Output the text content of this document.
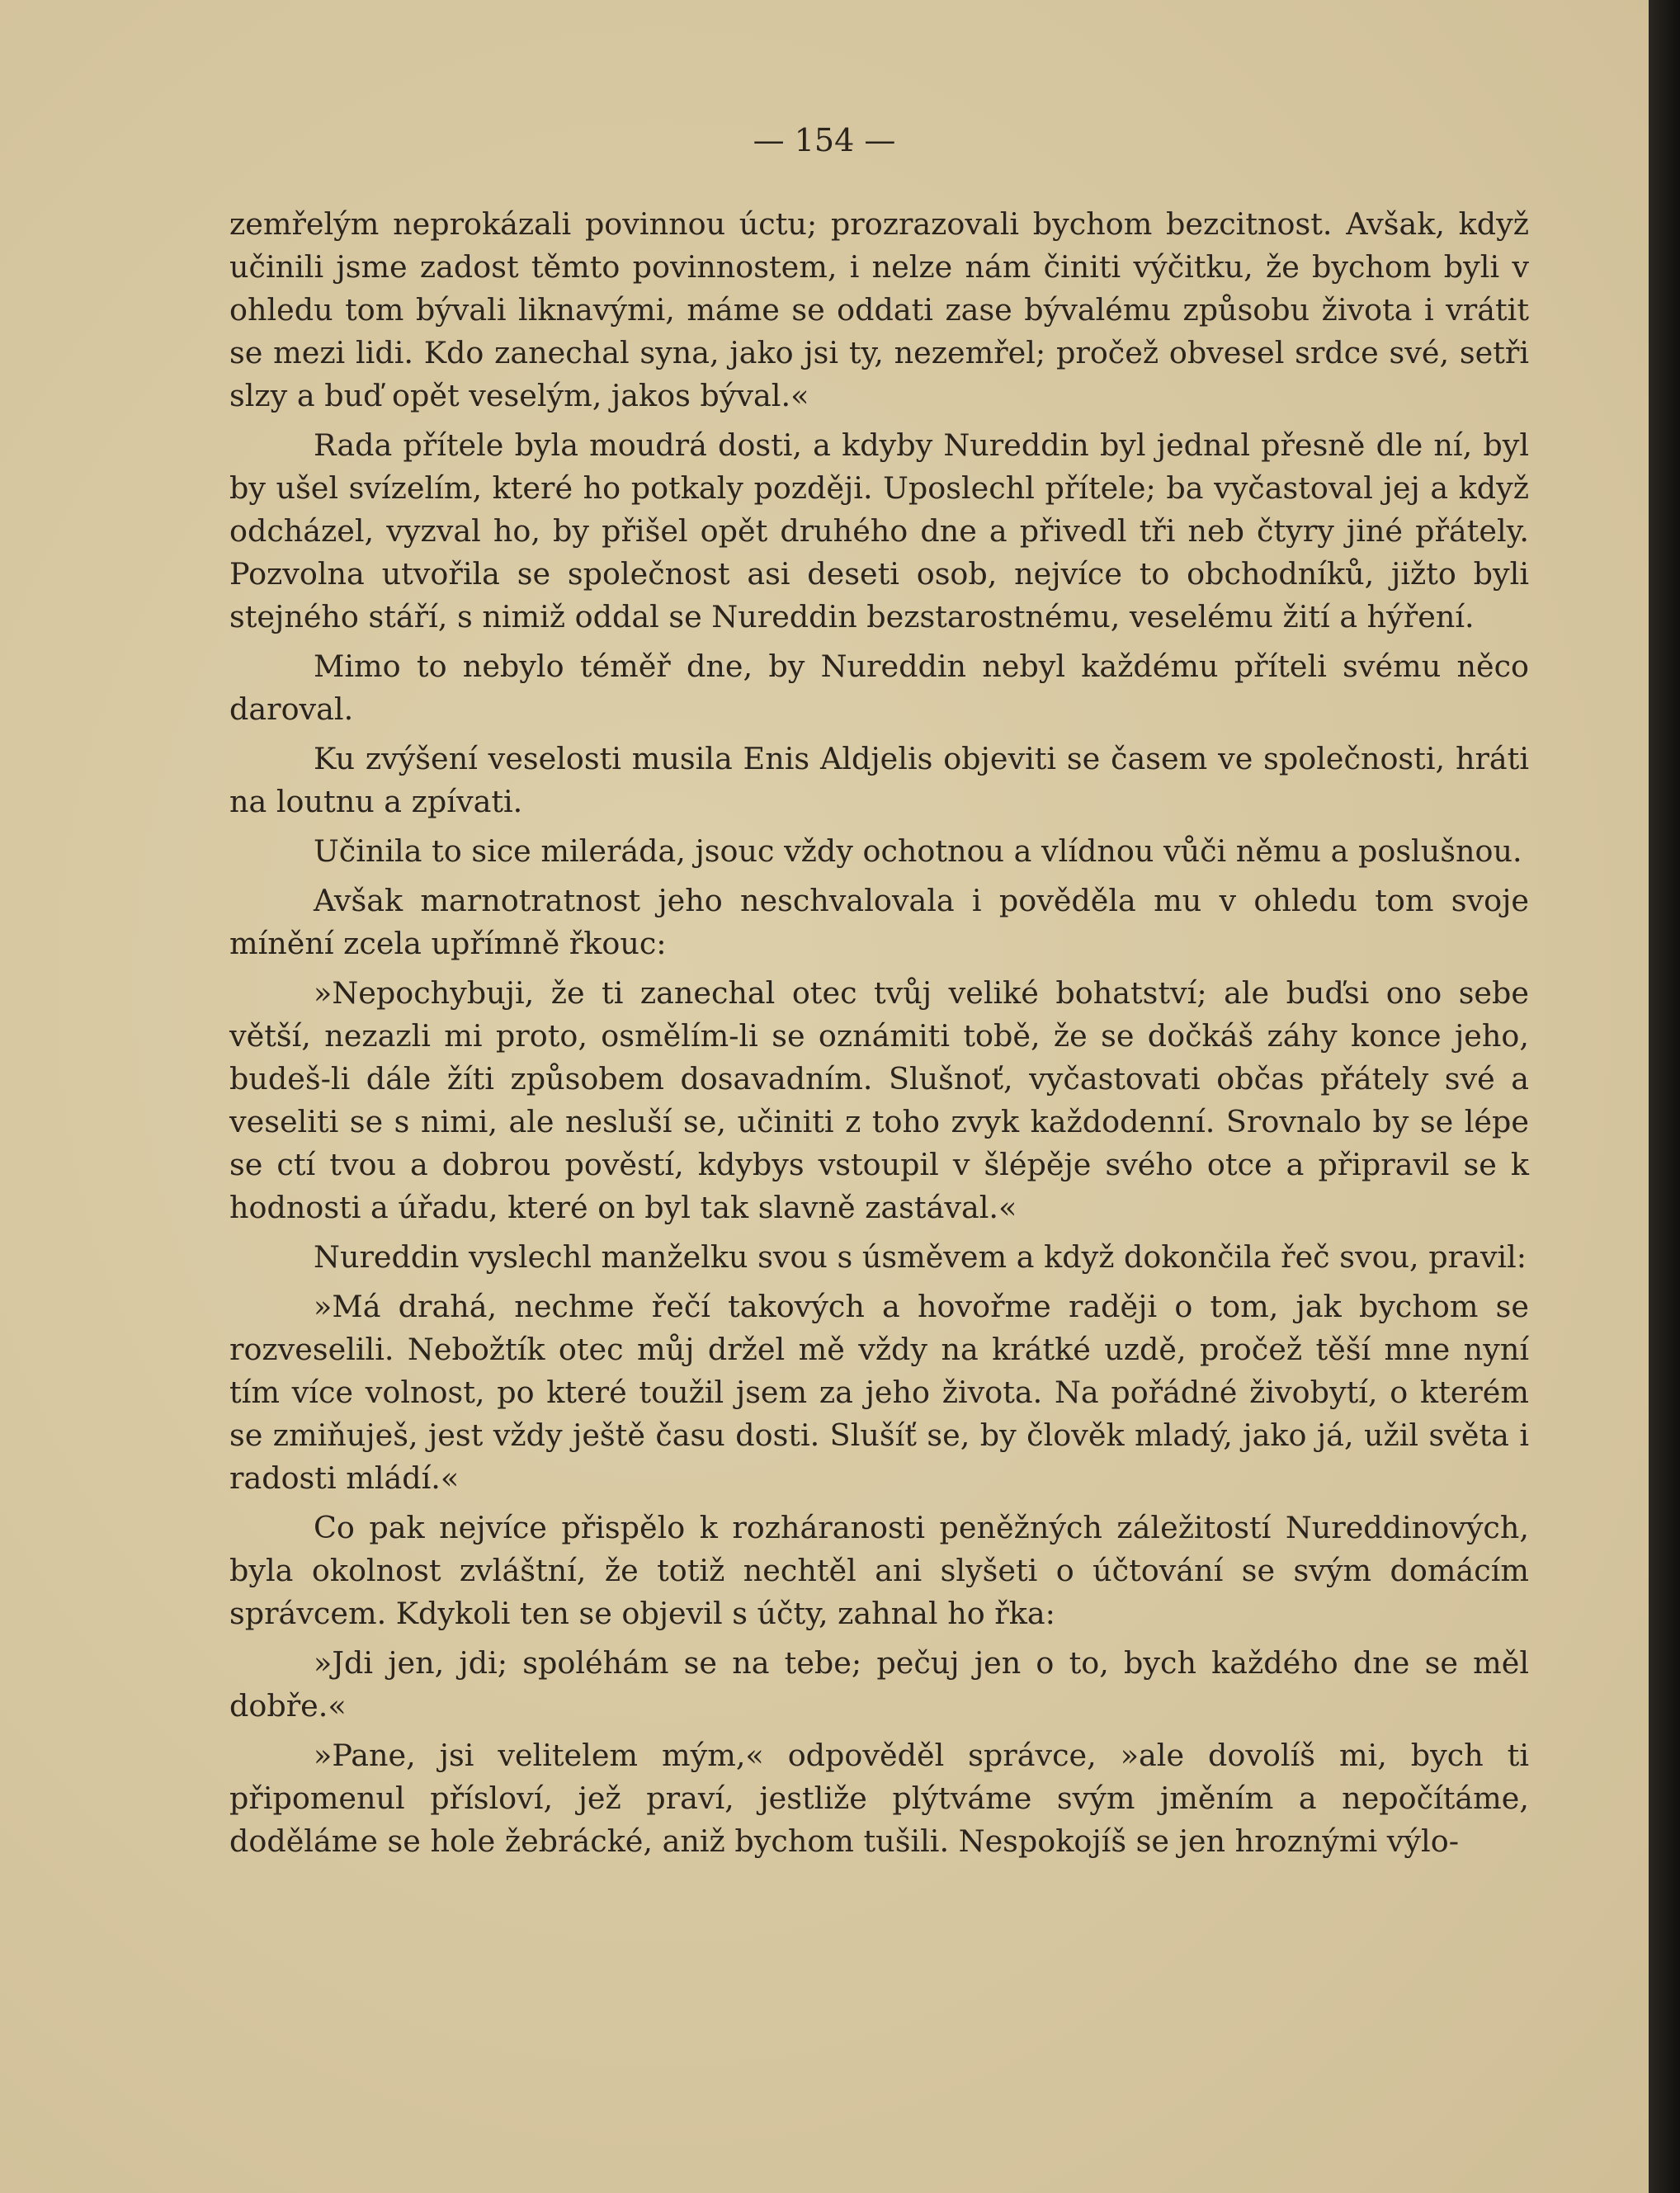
— 154 —

zemřelým neprokázali povinnou úctu; prozrazovali bychom bezcitnost. Avšak, když učinili jsme zadost těmto povinnostem, i nelze nám činiti výčitku, že bychom byli v ohledu tom bývali liknavými, máme se oddati zase bývalému způsobu života i vrátit se mezi lidi. Kdo zanechal syna, jako jsi ty, nezemřel; pročež obvesel srdce své, setři slzy a buď opět veselým, jakos býval.«

Rada přítele byla moudrá dosti, a kdyby Nureddin byl jednal přesně dle ní, byl by ušel svízelím, které ho potkaly později. Uposlechl přítele; ba vyčastoval jej a když odcházel, vyzval ho, by přišel opět druhého dne a přivedl tři neb čtyry jiné přátely. Pozvolna utvořila se společnost asi deseti osob, nejvíce to obchodníků, jižto byli stejného stáří, s nimiž oddal se Nureddin bezstarostnému, veselému žití a hýření.

Mimo to nebylo téměř dne, by Nureddin nebyl každému příteli svému něco daroval.

Ku zvýšení veselosti musila Enis Aldjelis objeviti se časem ve společnosti, hráti na loutnu a zpívati.

Učinila to sice mileráda, jsouc vždy ochotnou a vlídnou vůči němu a poslušnou.

Avšak marnotratnost jeho neschvalovala i pověděla mu v ohledu tom svoje mínění zcela upřímně řkouc:

»Nepochybuji, že ti zanechal otec tvůj veliké bohatství; ale buďsi ono sebe větší, nezazli mi proto, osmělím-li se oznámiti tobě, že se dočkáš záhy konce jeho, budeš-li dále žíti způsobem dosavadním. Slušnoť, vyčastovati občas přátely své a veseliti se s nimi, ale nesluší se, učiniti z toho zvyk každodenní. Srovnalo by se lépe se ctí tvou a dobrou pověstí, kdybys vstoupil v šlépěje svého otce a připravil se k hodnosti a úřadu, které on byl tak slavně zastával.«

Nureddin vyslechl manželku svou s úsměvem a když dokončila řeč svou, pravil:

»Má drahá, nechme řečí takových a hovořme raději o tom, jak bychom se rozveselili. Nebožtík otec můj držel mě vždy na krátké uzdě, pročež těší mne nyní tím více volnost, po které toužil jsem za jeho života. Na pořádné živobytí, o kterém se zmiňuješ, jest vždy ještě času dosti. Slušíť se, by člověk mladý, jako já, užil světa i radosti mládí.«

Co pak nejvíce přispělo k rozháranosti peněžných záležitostí Nureddinových, byla okolnost zvláštní, že totiž nechtěl ani slyšeti o účtování se svým domácím správcem. Kdykoli ten se objevil s účty, zahnal ho řka:

»Jdi jen, jdi; spoléhám se na tebe; pečuj jen o to, bych každého dne se měl dobře.«

»Pane, jsi velitelem mým,« odpověděl správce, »ale dovolíš mi, bych ti připomenul přísloví, jež praví, jestliže plýtváme svým jměním a nepočítáme, doděláme se hole žebrácké, aniž bychom tušili. Nespokojíš se jen hroznými výlo-
